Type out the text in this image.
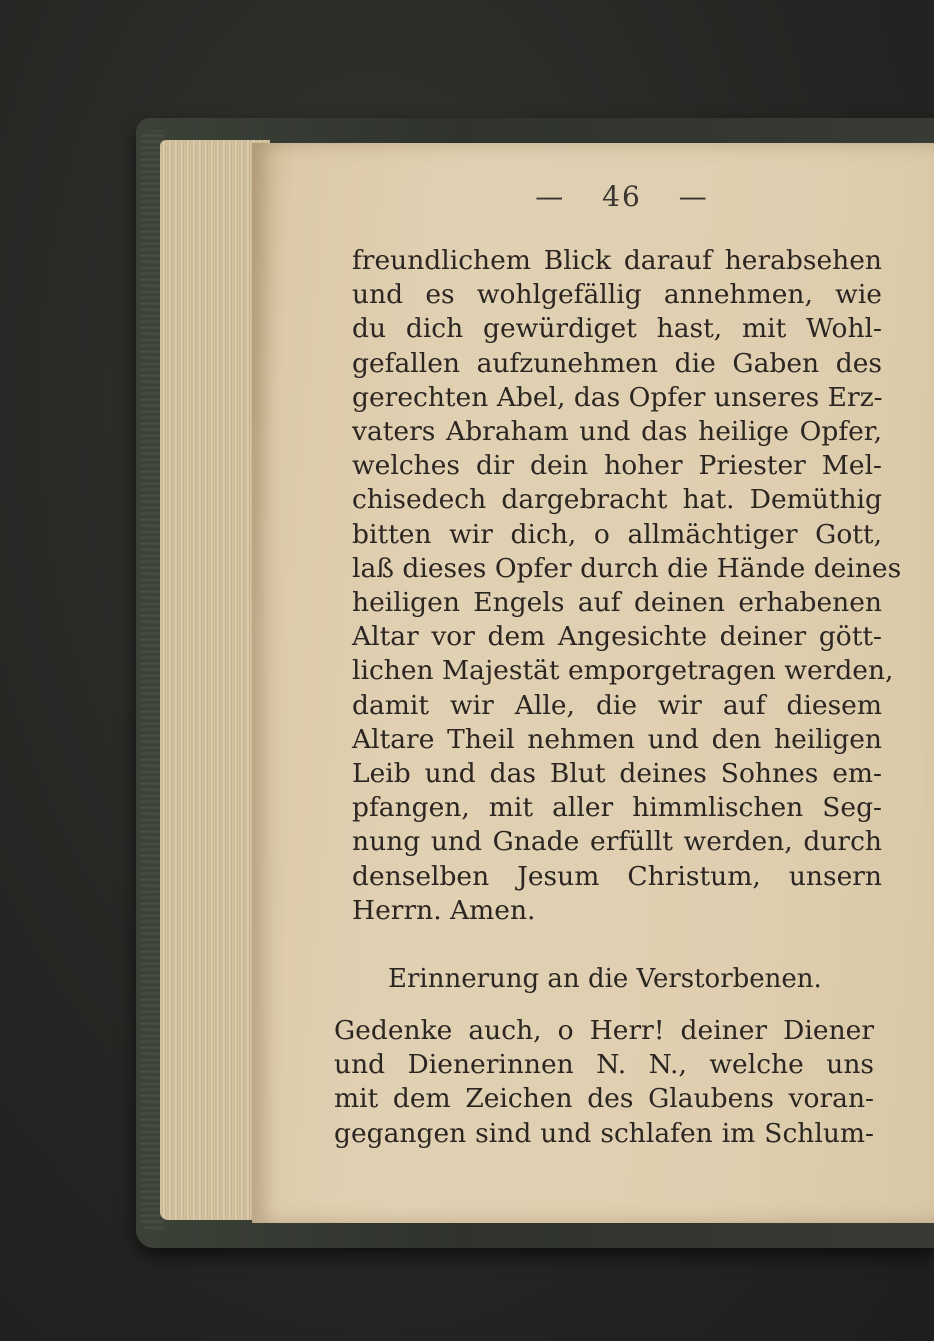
— 46 —
freundlichem Blick darauf herabsehen
und es wohlgefällig annehmen, wie
du dich gewürdiget hast, mit Wohl-
gefallen aufzunehmen die Gaben des
gerechten Abel, das Opfer unseres Erz-
vaters Abraham und das heilige Opfer,
welches dir dein hoher Priester Mel-
chisedech dargebracht hat. Demüthig
bitten wir dich, o allmächtiger Gott,
laß dieses Opfer durch die Hände deines
heiligen Engels auf deinen erhabenen
Altar vor dem Angesichte deiner gött-
lichen Majestät emporgetragen werden,
damit wir Alle, die wir auf diesem
Altare Theil nehmen und den heiligen
Leib und das Blut deines Sohnes em-
pfangen, mit aller himmlischen Seg-
nung und Gnade erfüllt werden, durch
denselben Jesum Christum, unsern
Herrn. Amen.
Erinnerung an die Verstorbenen.
Gedenke auch, o Herr! deiner Diener
und Dienerinnen N. N., welche uns
mit dem Zeichen des Glaubens voran-
gegangen sind und schlafen im Schlum-
